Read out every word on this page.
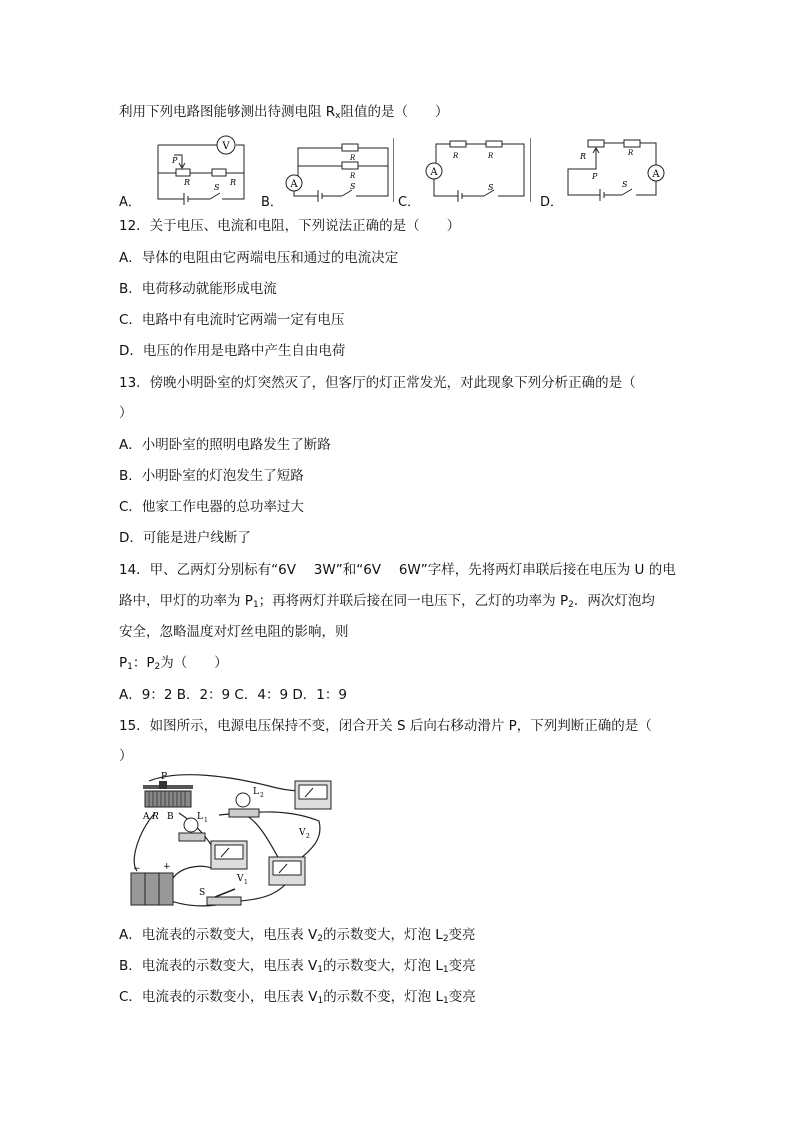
利用下列电路图能够测出待测电阻 $R_x$阻值的是（　　）
A．	B．	C．	D．
V
P
R
S
R	A
R
R
S
A
R	R
S
A
R
P
R
S
12．关于电压、电流和电阻，下列说法正确的是（　　）
A．导体的电阻由它两端电压和通过的电流决定
B．电荷移动就能形成电流
C．电路中有电流时它两端一定有电压
D．电压的作用是电路中产生自由电荷
13．傍晚小明卧室的灯突然灭了，但客厅的灯正常发光，对此现象下列分析正确的是（
）
A．小明卧室的照明电路发生了断路
B．小明卧室的灯泡发生了短路
C．他家工作电器的总功率过大
D．可能是进户线断了
14．甲、乙两灯分别标有“6V　 3W”和“6V　 6W”字样，先将两灯串联后接在电压为 U 的电
路中，甲灯的功率为 $P_1$；再将两灯并联后接在同一电压下，乙灯的功率为 $P_2$．两次灯泡均
安全，忽略温度对灯丝电阻的影响，则
$P_1$：$P_2$为（　　）
A．9：2 B．2：9 C．4：9 D．1：9
15．如图所示，电源电压保持不变，闭合开关 S 后向右移动滑片 P，下列判断正确的是（
）
P
A R B	L 1
L 2
V 2
V 1
− +
S
A．电流表的示数变大，电压表 $V_2$的示数变大，灯泡 $L_2$变亮
B．电流表的示数变大，电压表 $V_1$的示数变大，灯泡 $L_1$变亮
C．电流表的示数变小，电压表 $V_1$的示数不变，灯泡 $L_1$变亮
